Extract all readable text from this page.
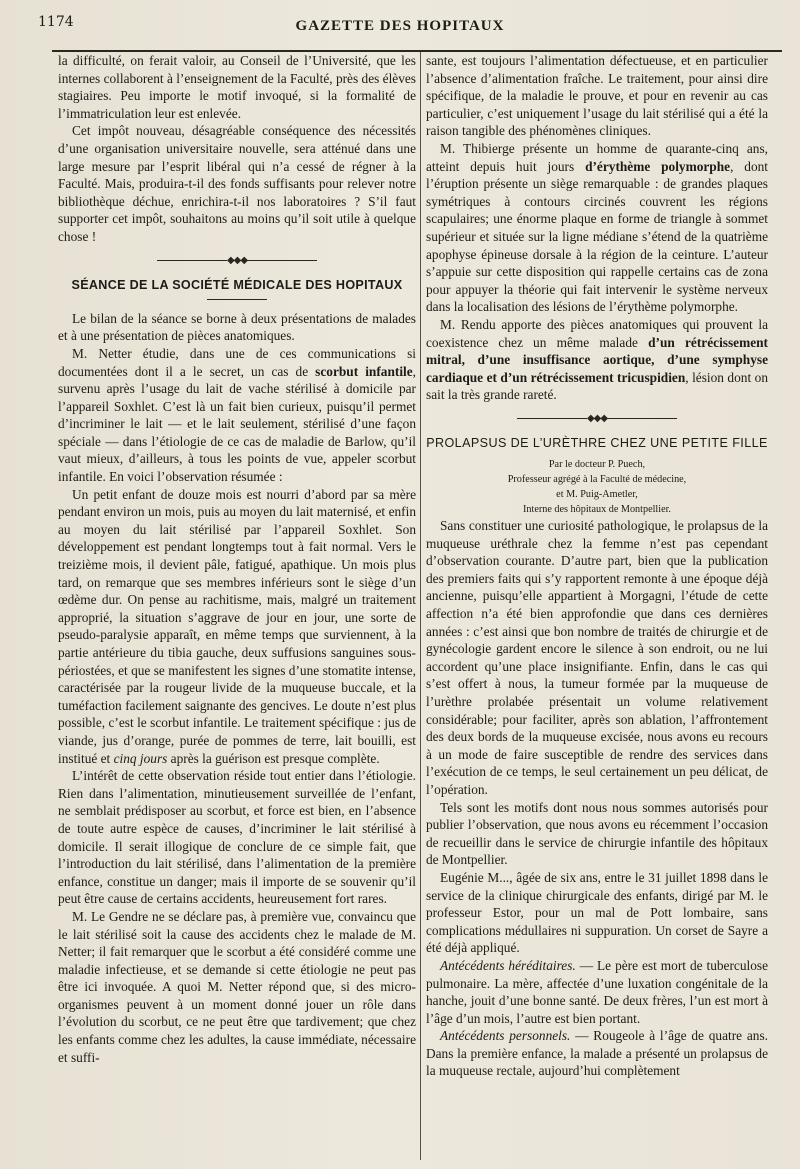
1174	GAZETTE DES HOPITAUX

la difficulté, on ferait valoir, au Conseil de l’Université, que les internes collaborent à l’enseignement de la Faculté, près des élèves stagiaires. Peu importe le motif invoqué, si la formalité de l’immatriculation leur est enlevée.

Cet impôt nouveau, désagréable conséquence des nécessités d’une organisation universitaire nouvelle, sera atténué dans une large mesure par l’esprit libéral qui n’a cessé de régner à la Faculté. Mais, produira-t-il des fonds suffisants pour relever notre bibliothèque déchue, enrichira-t-il nos laboratoires ? S’il faut supporter cet impôt, souhaitons au moins qu’il soit utile à quelque chose !

◆◆◆
SÉANCE DE LA SOCIÉTÉ MÉDICALE DES HOPITAUX

Le bilan de la séance se borne à deux présentations de malades et à une présentation de pièces anatomiques.

M. Netter étudie, dans une de ces communications si documentées dont il a le secret, un cas de scorbut infantile, survenu après l’usage du lait de vache stérilisé à domicile par l’appareil Soxhlet. C’est là un fait bien curieux, puisqu’il permet d’incriminer le lait — et le lait seulement, stérilisé d’une façon spéciale — dans l’étiologie de ce cas de maladie de Barlow, qu’il vaut mieux, d’ailleurs, à tous les points de vue, appeler scorbut infantile. En voici l’observation résumée :

Un petit enfant de douze mois est nourri d’abord par sa mère pendant environ un mois, puis au moyen du lait maternisé, et enfin au moyen du lait stérilisé par l’appareil Soxhlet. Son développement est pendant longtemps tout à fait normal. Vers le treizième mois, il devient pâle, fatigué, apathique. Un mois plus tard, on remarque que ses membres inférieurs sont le siège d’un œdème dur. On pense au rachitisme, mais, malgré un traitement approprié, la situation s’aggrave de jour en jour, une sorte de pseudo-paralysie apparaît, en même temps que surviennent, à la partie antérieure du tibia gauche, deux suffusions sanguines sous-périostées, et que se manifestent les signes d’une stomatite intense, caractérisée par la rougeur livide de la muqueuse buccale, et la tuméfaction facilement saignante des gencives. Le doute n’est plus possible, c’est le scorbut infantile. Le traitement spécifique : jus de viande, jus d’orange, purée de pommes de terre, lait bouilli, est institué et cinq jours après la guérison est presque complète.

L’intérêt de cette observation réside tout entier dans l’étiologie. Rien dans l’alimentation, minutieusement surveillée de l’enfant, ne semblait prédisposer au scorbut, et force est bien, en l’absence de toute autre espèce de causes, d’incriminer le lait stérilisé à domicile. Il serait illogique de conclure de ce simple fait, que l’introduction du lait stérilisé, dans l’alimentation de la première enfance, constitue un danger; mais il importe de se souvenir qu’il peut être cause de certains accidents, heureusement fort rares.

M. Le Gendre ne se déclare pas, à première vue, convaincu que le lait stérilisé soit la cause des accidents chez le malade de M. Netter; il fait remarquer que le scorbut a été considéré comme une maladie infectieuse, et se demande si cette étiologie ne peut pas être ici invoquée. A quoi M. Netter répond que, si des micro-organismes peuvent à un moment donné jouer un rôle dans l’évolution du scorbut, ce ne peut être que tardivement; que chez les enfants comme chez les adultes, la cause immédiate, nécessaire et suffi-

sante, est toujours l’alimentation défectueuse, et en particulier l’absence d’alimentation fraîche. Le traitement, pour ainsi dire spécifique, de la maladie le prouve, et pour en revenir au cas particulier, c’est uniquement l’usage du lait stérilisé qui a été la raison tangible des phénomènes cliniques.

M. Thibierge présente un homme de quarante-cinq ans, atteint depuis huit jours d’érythème polymorphe, dont l’éruption présente un siège remarquable : de grandes plaques symétriques à contours circinés couvrent les régions scapulaires; une énorme plaque en forme de triangle à sommet supérieur et située sur la ligne médiane s’étend de la quatrième apophyse épineuse dorsale à la région de la ceinture. L’auteur s’appuie sur cette disposition qui rappelle certains cas de zona pour appuyer la théorie qui fait intervenir le système nerveux dans la localisation des lésions de l’érythème polymorphe.

M. Rendu apporte des pièces anatomiques qui prouvent la coexistence chez un même malade d’un rétrécissement mitral, d’une insuffisance aortique, d’une symphyse cardiaque et d’un rétrécissement tricuspidien, lésion dont on sait la très grande rareté.

◆◆◆
PROLAPSUS DE L’URÈTHRE CHEZ UNE PETITE FILLE
Par le docteur P. Puech,
Professeur agrégé à la Faculté de médecine,
et M. Puig-Ametler,
Interne des hôpitaux de Montpellier.

Sans constituer une curiosité pathologique, le prolapsus de la muqueuse uréthrale chez la femme n’est pas cependant d’observation courante. D’autre part, bien que la publication des premiers faits qui s’y rapportent remonte à une époque déjà ancienne, puisqu’elle appartient à Morgagni, l’étude de cette affection n’a été bien approfondie que dans ces dernières années : c’est ainsi que bon nombre de traités de chirurgie et de gynécologie gardent encore le silence à son endroit, ou ne lui accordent qu’une place insignifiante. Enfin, dans le cas qui s’est offert à nous, la tumeur formée par la muqueuse de l’urèthre prolabée présentait un volume relativement considérable; pour faciliter, après son ablation, l’affrontement des deux bords de la muqueuse excisée, nous avons eu recours à un mode de faire susceptible de rendre des services dans l’exécution de ce temps, le seul certainement un peu délicat, de l’opération.

Tels sont les motifs dont nous nous sommes autorisés pour publier l’observation, que nous avons eu récemment l’occasion de recueillir dans le service de chirurgie infantile des hôpitaux de Montpellier.

Eugénie M..., âgée de six ans, entre le 31 juillet 1898 dans le service de la clinique chirurgicale des enfants, dirigé par M. le professeur Estor, pour un mal de Pott lombaire, sans complications médullaires ni suppuration. Un corset de Sayre a été déjà appliqué.

Antécédents héréditaires. — Le père est mort de tuberculose pulmonaire. La mère, affectée d’une luxation congénitale de la hanche, jouit d’une bonne santé. De deux frères, l’un est mort à l’âge d’un mois, l’autre est bien portant.

Antécédents personnels. — Rougeole à l’âge de quatre ans. Dans la première enfance, la malade a présenté un prolapsus de la muqueuse rectale, aujourd’hui complètement
